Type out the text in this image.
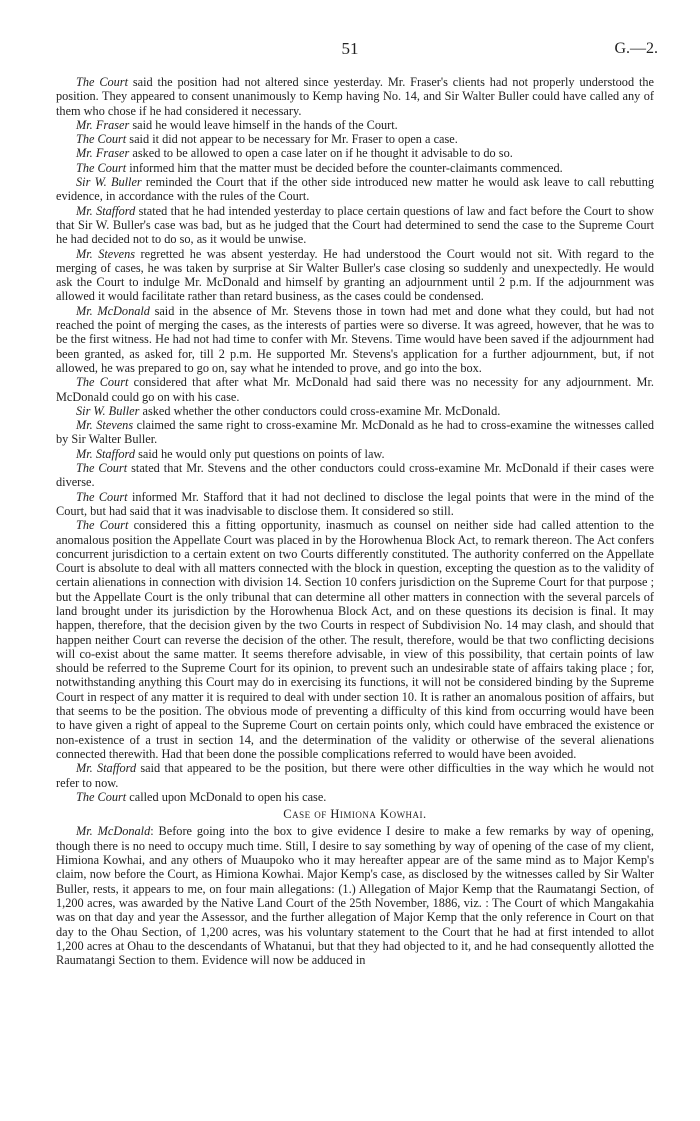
51	G.—2.

The Court said the position had not altered since yesterday. Mr. Fraser's clients had not properly understood the position. They appeared to consent unanimously to Kemp having No. 14, and Sir Walter Buller could have called any of them who chose if he had considered it necessary.

Mr. Fraser said he would leave himself in the hands of the Court.

The Court said it did not appear to be necessary for Mr. Fraser to open a case.

Mr. Fraser asked to be allowed to open a case later on if he thought it advisable to do so.

The Court informed him that the matter must be decided before the counter-claimants commenced.

Sir W. Buller reminded the Court that if the other side introduced new matter he would ask leave to call rebutting evidence, in accordance with the rules of the Court.

Mr. Stafford stated that he had intended yesterday to place certain questions of law and fact before the Court to show that Sir W. Buller's case was bad, but as he judged that the Court had determined to send the case to the Supreme Court he had decided not to do so, as it would be unwise.

Mr. Stevens regretted he was absent yesterday. He had understood the Court would not sit. With regard to the merging of cases, he was taken by surprise at Sir Walter Buller's case closing so suddenly and unexpectedly. He would ask the Court to indulge Mr. McDonald and himself by granting an adjournment until 2 p.m. If the adjournment was allowed it would facilitate rather than retard business, as the cases could be condensed.

Mr. McDonald said in the absence of Mr. Stevens those in town had met and done what they could, but had not reached the point of merging the cases, as the interests of parties were so diverse. It was agreed, however, that he was to be the first witness. He had not had time to confer with Mr. Stevens. Time would have been saved if the adjournment had been granted, as asked for, till 2 p.m. He supported Mr. Stevens's application for a further adjournment, but, if not allowed, he was prepared to go on, say what he intended to prove, and go into the box.

The Court considered that after what Mr. McDonald had said there was no necessity for any adjournment. Mr. McDonald could go on with his case.

Sir W. Buller asked whether the other conductors could cross-examine Mr. McDonald.

Mr. Stevens claimed the same right to cross-examine Mr. McDonald as he had to cross-examine the witnesses called by Sir Walter Buller.

Mr. Stafford said he would only put questions on points of law.

The Court stated that Mr. Stevens and the other conductors could cross-examine Mr. McDonald if their cases were diverse.

The Court informed Mr. Stafford that it had not declined to disclose the legal points that were in the mind of the Court, but had said that it was inadvisable to disclose them. It considered so still.

The Court considered this a fitting opportunity, inasmuch as counsel on neither side had called attention to the anomalous position the Appellate Court was placed in by the Horowhenua Block Act, to remark thereon. The Act confers concurrent jurisdiction to a certain extent on two Courts differently constituted. The authority conferred on the Appellate Court is absolute to deal with all matters connected with the block in question, excepting the question as to the validity of certain alienations in connection with division 14. Section 10 confers jurisdiction on the Supreme Court for that purpose ; but the Appellate Court is the only tribunal that can determine all other matters in connection with the several parcels of land brought under its jurisdiction by the Horowhenua Block Act, and on these questions its decision is final. It may happen, therefore, that the decision given by the two Courts in respect of Subdivision No. 14 may clash, and should that happen neither Court can reverse the decision of the other. The result, therefore, would be that two conflicting decisions will co-exist about the same matter. It seems therefore advisable, in view of this possibility, that certain points of law should be referred to the Supreme Court for its opinion, to prevent such an undesirable state of affairs taking place ; for, notwithstanding anything this Court may do in exercising its functions, it will not be considered binding by the Supreme Court in respect of any matter it is required to deal with under section 10. It is rather an anomalous position of affairs, but that seems to be the position. The obvious mode of preventing a difficulty of this kind from occurring would have been to have given a right of appeal to the Supreme Court on certain points only, which could have embraced the existence or non-existence of a trust in section 14, and the determination of the validity or otherwise of the several alienations connected therewith. Had that been done the possible complications referred to would have been avoided.

Mr. Stafford said that appeared to be the position, but there were other difficulties in the way which he would not refer to now.

The Court called upon McDonald to open his case.

Case of Himiona Kowhai.

Mr. McDonald: Before going into the box to give evidence I desire to make a few remarks by way of opening, though there is no need to occupy much time. Still, I desire to say something by way of opening of the case of my client, Himiona Kowhai, and any others of Muaupoko who it may hereafter appear are of the same mind as to Major Kemp's claim, now before the Court, as Himiona Kowhai. Major Kemp's case, as disclosed by the witnesses called by Sir Walter Buller, rests, it appears to me, on four main allegations: (1.) Allegation of Major Kemp that the Raumatangi Section, of 1,200 acres, was awarded by the Native Land Court of the 25th November, 1886, viz. : The Court of which Mangakahia was on that day and year the Assessor, and the further allegation of Major Kemp that the only reference in Court on that day to the Ohau Section, of 1,200 acres, was his voluntary statement to the Court that he had at first intended to allot 1,200 acres at Ohau to the descendants of Whatanui, but that they had objected to it, and he had consequently allotted the Raumatangi Section to them. Evidence will now be adduced in
